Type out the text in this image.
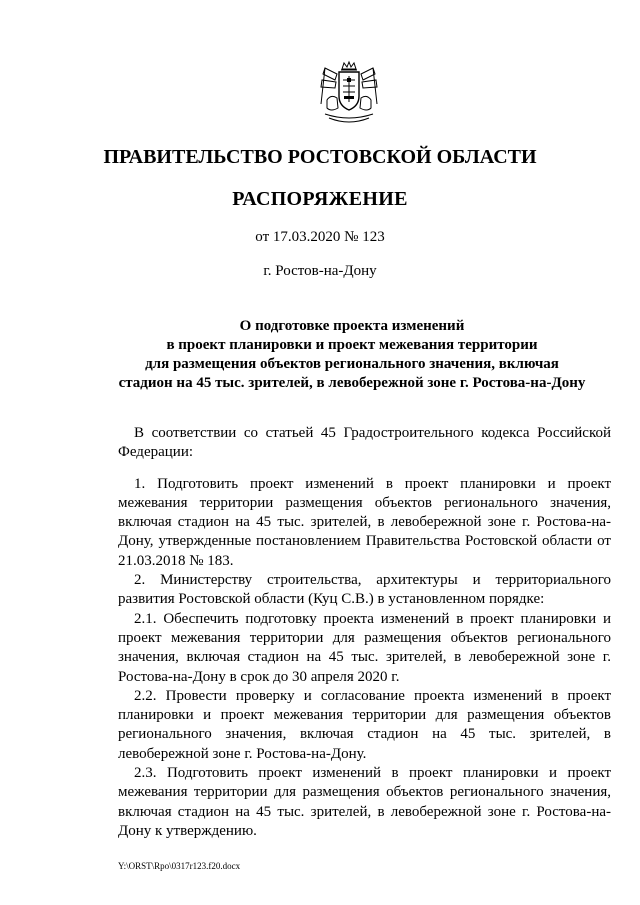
ПРАВИТЕЛЬСТВО РОСТОВСКОЙ ОБЛАСТИ
РАСПОРЯЖЕНИЕ
от 17.03.2020 № 123
г. Ростов-на-Дону
О подготовке проекта изменений
в проект планировки и проект межевания территории
для размещения объектов регионального значения, включая
стадион на 45 тыс. зрителей, в левобережной зоне г. Ростова-на-Дону

В соответствии со статьей 45 Градостроительного кодекса Российской Федерации:

1. Подготовить проект изменений в проект планировки и проект межевания территории размещения объектов регионального значения, включая стадион на 45 тыс. зрителей, в левобережной зоне г. Ростова-на-Дону, утвержденные постановлением Правительства Ростовской области от 21.03.2018 № 183.

2. Министерству строительства, архитектуры и территориального развития Ростовской области (Куц С.В.) в установленном порядке:

2.1. Обеспечить подготовку проекта изменений в проект планировки и проект межевания территории для размещения объектов регионального значения, включая стадион на 45 тыс. зрителей, в левобережной зоне г. Ростова-на-Дону в срок до 30 апреля 2020 г.

2.2. Провести проверку и согласование проекта изменений в проект планировки и проект межевания территории для размещения объектов регионального значения, включая стадион на 45 тыс. зрителей, в левобережной зоне г. Ростова-на-Дону.

2.3. Подготовить проект изменений в проект планировки и проект межевания территории для размещения объектов регионального значения, включая стадион на 45 тыс. зрителей, в левобережной зоне г. Ростова-на-Дону к утверждению.

Y:\ORST\Rpo\0317r123.f20.docx
